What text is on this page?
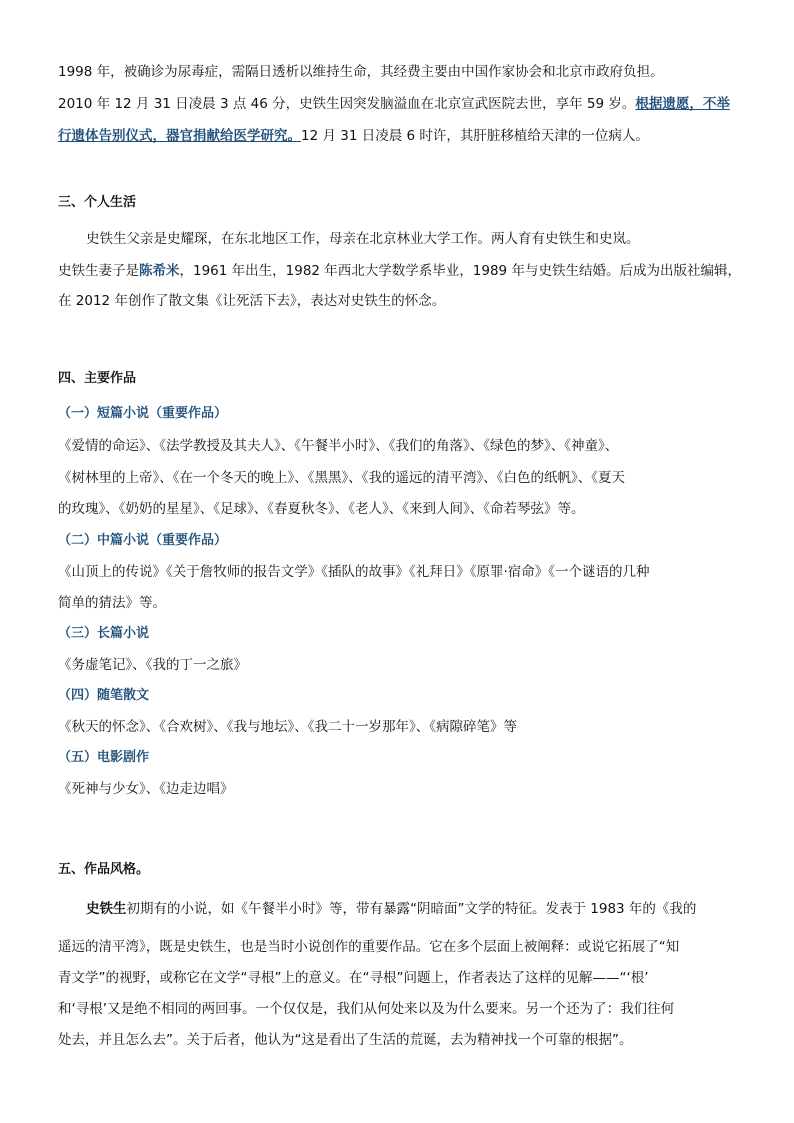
1998 年，被确诊为尿毒症，需隔日透析以维持生命，其经费主要由中国作家协会和北京市政府负担。
2010 年 12 月 31 日凌晨 3 点 46 分，史铁生因突发脑溢血在北京宣武医院去世，享年 59 岁。根据遗愿，不举
行遗体告别仪式，器官捐献给医学研究。12 月 31 日凌晨 6 时许，其肝脏移植给天津的一位病人。
三、个人生活
史铁生父亲是史耀琛，在东北地区工作，母亲在北京林业大学工作。两人育有史铁生和史岚。
史铁生妻子是陈希米，1961 年出生，1982 年西北大学数学系毕业，1989 年与史铁生结婚。后成为出版社编辑，
在 2012 年创作了散文集《让死活下去》，表达对史铁生的怀念。
四、主要作品
（一）短篇小说（重要作品）
《爱情的命运》、《法学教授及其夫人》、《午餐半小时》、《我们的角落》、《绿色的梦》、《神童》、
《树林里的上帝》、《在一个冬天的晚上》、《黑黑》、《我的遥远的清平湾》、《白色的纸帆》、《夏天
的玫瑰》、《奶奶的星星》、《足球》、《春夏秋冬》、《老人》、《来到人间》、《命若琴弦》等。
（二）中篇小说（重要作品）
《山顶上的传说》《关于詹牧师的报告文学》《插队的故事》《礼拜日》《原罪·宿命》《一个谜语的几种
简单的猜法》等。
（三）长篇小说
《务虚笔记》、《我的丁一之旅》
（四）随笔散文
《秋天的怀念》、《合欢树》、《我与地坛》、《我二十一岁那年》、《病隙碎笔》等
（五）电影剧作
《死神与少女》、《边走边唱》
五、作品风格。
史铁生初期有的小说，如《午餐半小时》等，带有暴露“阴暗面”文学的特征。发表于 1983 年的《我的
遥远的清平湾》，既是史铁生，也是当时小说创作的重要作品。它在多个层面上被阐释：或说它拓展了“知
青文学”的视野，或称它在文学“寻根”上的意义。在“寻根”问题上，作者表达了这样的见解——“‘根’
和‘寻根’又是绝不相同的两回事。一个仅仅是，我们从何处来以及为什么要来。另一个还为了：我们往何
处去，并且怎么去”。关于后者，他认为“这是看出了生活的荒诞，去为精神找一个可靠的根据”。
